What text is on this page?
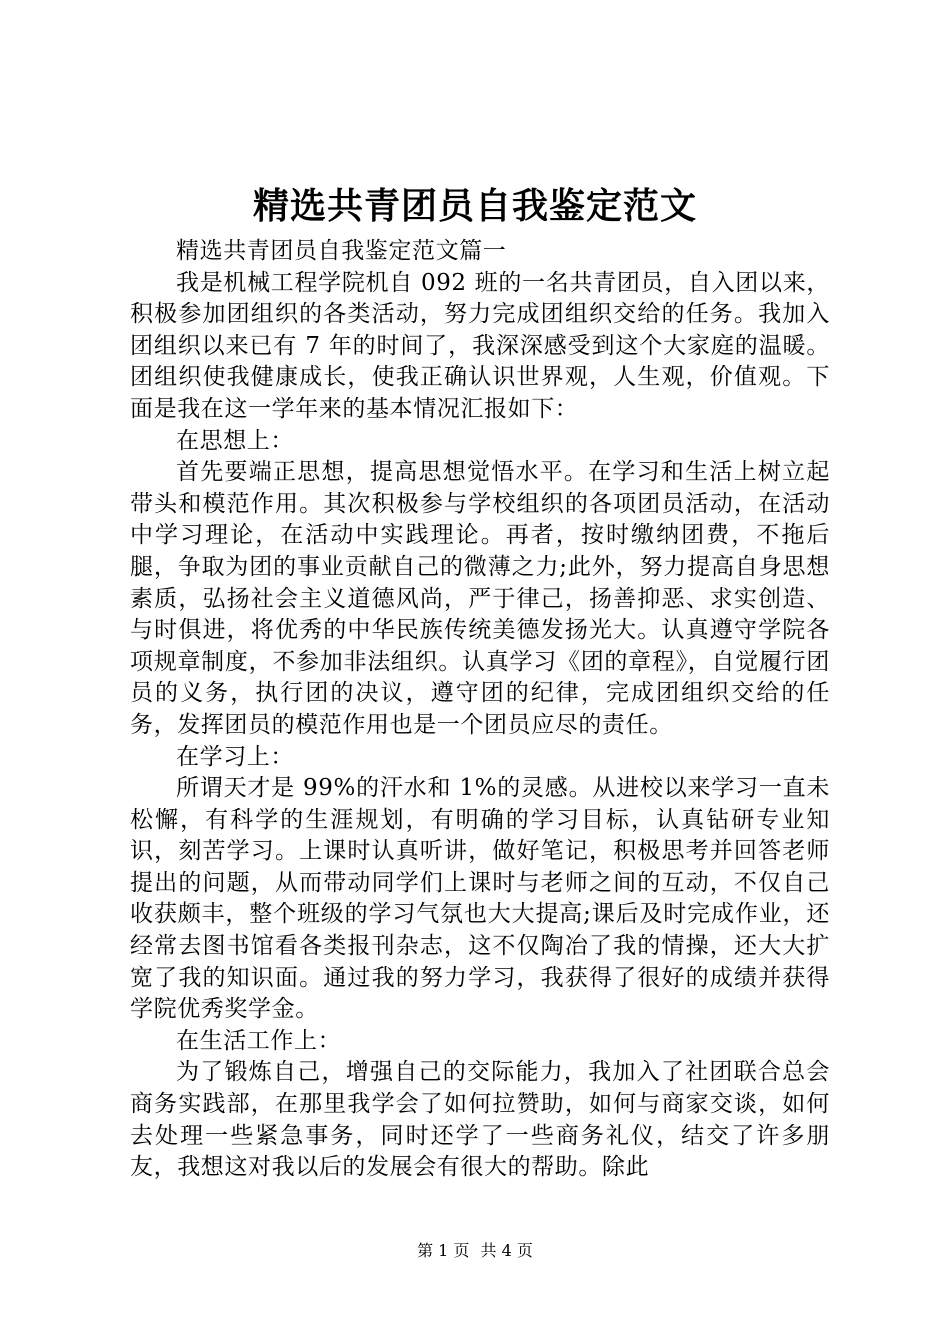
精选共青团员自我鉴定范文

精选共青团员自我鉴定范文篇一

我是机械工程学院机自 092 班的一名共青团员，自入团以来，积极参加团组织的各类活动，努力完成团组织交给的任务。我加入团组织以来已有 7 年的时间了，我深深感受到这个大家庭的温暖。团组织使我健康成长，使我正确认识世界观，人生观，价值观。下面是我在这一学年来的基本情况汇报如下：

在思想上：

首先要端正思想，提高思想觉悟水平。在学习和生活上树立起带头和模范作用。其次积极参与学校组织的各项团员活动，在活动中学习理论，在活动中实践理论。再者，按时缴纳团费，不拖后腿，争取为团的事业贡献自己的微薄之力;此外，努力提高自身思想素质，弘扬社会主义道德风尚，严于律己，扬善抑恶、求实创造、与时俱进，将优秀的中华民族传统美德发扬光大。认真遵守学院各项规章制度，不参加非法组织。认真学习《团的章程》，自觉履行团员的义务，执行团的决议，遵守团的纪律，完成团组织交给的任务，发挥团员的模范作用也是一个团员应尽的责任。

在学习上：

所谓天才是 99%的汗水和 1%的灵感。从进校以来学习一直未松懈，有科学的生涯规划，有明确的学习目标，认真钻研专业知识，刻苦学习。上课时认真听讲，做好笔记，积极思考并回答老师提出的问题，从而带动同学们上课时与老师之间的互动，不仅自己收获颇丰，整个班级的学习气氛也大大提高;课后及时完成作业，还经常去图书馆看各类报刊杂志，这不仅陶冶了我的情操，还大大扩宽了我的知识面。通过我的努力学习，我获得了很好的成绩并获得学院优秀奖学金。

在生活工作上：

为了锻炼自己，增强自己的交际能力，我加入了社团联合总会商务实践部，在那里我学会了如何拉赞助，如何与商家交谈，如何去处理一些紧急事务，同时还学了一些商务礼仪，结交了许多朋友，我想这对我以后的发展会有很大的帮助。除此

第 1 页 共 4 页
